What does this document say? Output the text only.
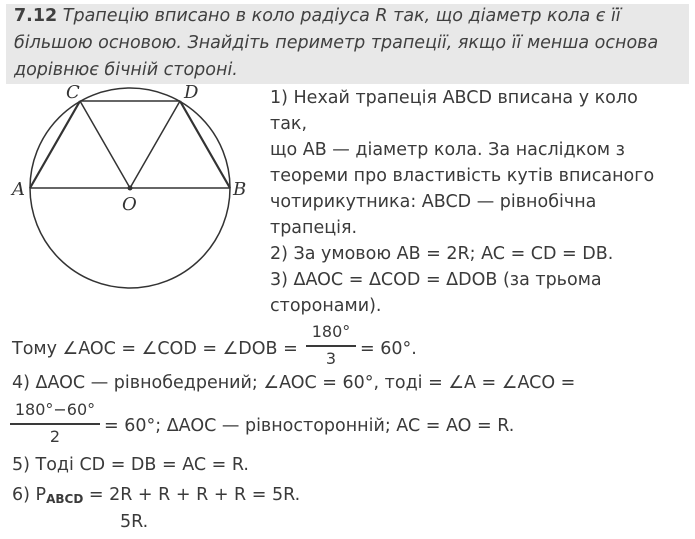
7.12 Трапецію вписано в коло радіуса R так, що діаметр кола є її
більшою основою. Знайдіть периметр трапеції, якщо її менша основа
дорівнює бічній стороні.
A	B
C	D
O
1) Нехай трапеція ABCD вписана у коло
так,
що AB — діаметр кола. За наслідком з
теореми про властивість кутів вписаного
чотирикутника: ABCD — рівнобічна
трапеція.
2) За умовою AB = 2R; AC = CD = DB.
3) ΔAOC = ΔCOD = ΔDOB (за трьома
сторонами).
Тому ∠AOC = ∠COD = ∠DOB =
180°
3	= 60°.
4) ΔAOC — рівнобедрений; ∠AOC = 60°, тоді = ∠A = ∠ACO =
180°−60°
2
= 60°; ΔAOC — рівносторонній; AC = AO = R.
5) Тоді CD = DB = AC = R.
6) PABCD = 2R + R + R + R = 5R.
5R.
